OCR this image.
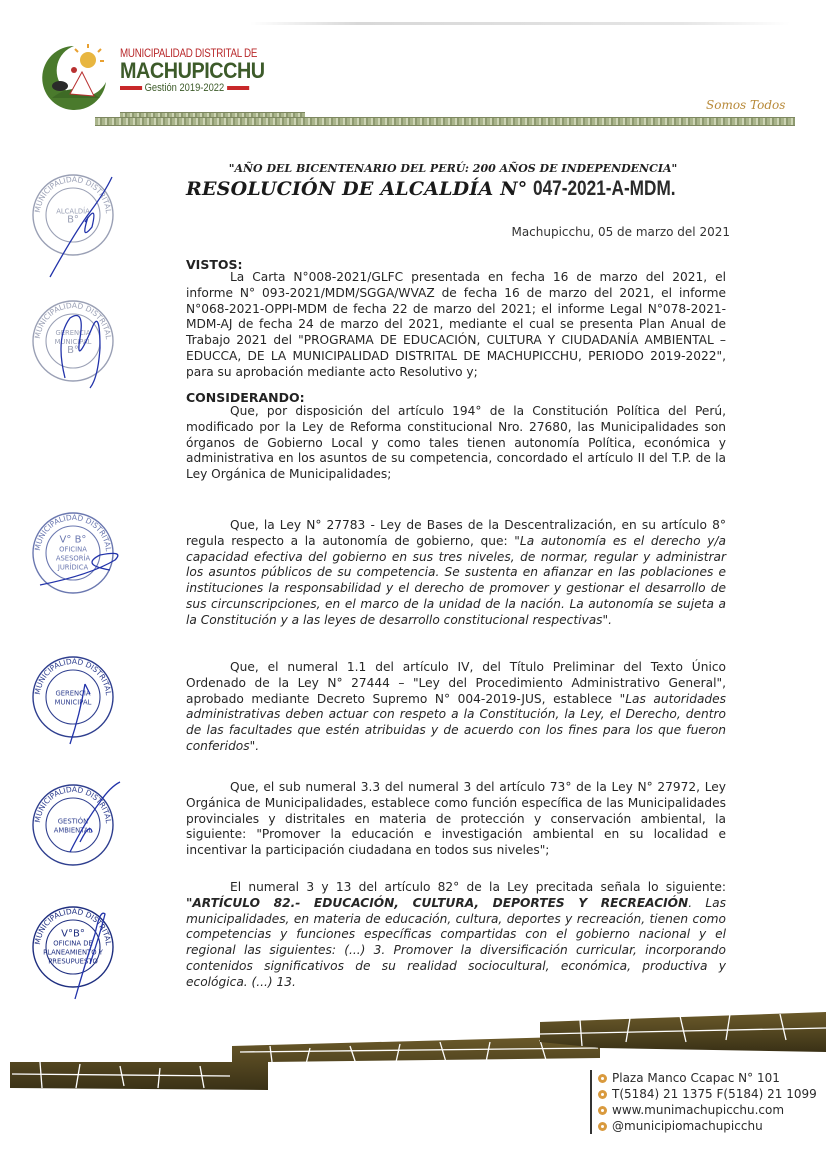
MUNICIPALIDAD DISTRITAL DE
MACHUPICCHU
Gestión 2019-2022
Somos Todos
"AÑO DEL BICENTENARIO DEL PERÚ: 200 AÑOS DE INDEPENDENCIA"
RESOLUCIÓN DE ALCALDÍA N° 047-2021-A-MDM.
Machupicchu, 05 de marzo del 2021
VISTOS:

La Carta N°008-2021/GLFC presentada en fecha 16 de marzo del 2021, el informe N° 093-2021/MDM/SGGA/WVAZ de fecha 16 de marzo del 2021, el informe N°068-2021-OPPI-MDM de fecha 22 de marzo del 2021; el informe Legal N°078-2021-MDM-AJ de fecha 24 de marzo del 2021, mediante el cual se presenta Plan Anual de Trabajo 2021 del "PROGRAMA DE EDUCACIÓN, CULTURA Y CIUDADANÍA AMBIENTAL – EDUCCA, DE LA MUNICIPALIDAD DISTRITAL DE MACHUPICCHU, PERIODO 2019-2022", para su aprobación mediante acto Resolutivo y;

CONSIDERANDO:

Que, por disposición del artículo 194° de la Constitución Política del Perú, modificado por la Ley de Reforma constitucional Nro. 27680, las Municipalidades son órganos de Gobierno Local y como tales tienen autonomía Política, económica y administrativa en los asuntos de su competencia, concordado el artículo II del T.P. de la Ley Orgánica de Municipalidades;

Que, la Ley N° 27783 - Ley de Bases de la Descentralización, en su artículo 8° regula respecto a la autonomía de gobierno, que: "La autonomía es el derecho y/a capacidad efectiva del gobierno en sus tres niveles, de normar, regular y administrar los asuntos públicos de su competencia. Se sustenta en afianzar en las poblaciones e instituciones la responsabilidad y el derecho de promover y gestionar el desarrollo de sus circunscripciones, en el marco de la unidad de la nación. La autonomía se sujeta a la Constitución y a las leyes de desarrollo constitucional respectivas".

Que, el numeral 1.1 del artículo IV, del Título Preliminar del Texto Único Ordenado de la Ley N° 27444 – "Ley del Procedimiento Administrativo General", aprobado mediante Decreto Supremo N° 004-2019-JUS, establece "Las autoridades administrativas deben actuar con respeto a la Constitución, la Ley, el Derecho, dentro de las facultades que estén atribuidas y de acuerdo con los fines para los que fueron conferidos".

Que, el sub numeral 3.3 del numeral 3 del artículo 73° de la Ley N° 27972, Ley Orgánica de Municipalidades, establece como función específica de las Municipalidades provinciales y distritales en materia de protección y conservación ambiental, la siguiente: "Promover la educación e investigación ambiental en su localidad e incentivar la participación ciudadana en todos sus niveles";

El numeral 3 y 13 del artículo 82° de la Ley precitada señala lo siguiente: "ARTÍCULO 82.- EDUCACIÓN, CULTURA, DEPORTES Y RECREACIÓN. Las municipalidades, en materia de educación, cultura, deportes y recreación, tienen como competencias y funciones específicas compartidas con el gobierno nacional y el regional las siguientes: (...) 3. Promover la diversificación curricular, incorporando contenidos significativos de su realidad sociocultural, económica, productiva y ecológica. (...) 13.

MUNICIPALIDAD DISTRITAL DE MACHUPICCHU
ALCALDÍA
B°
MUNICIPALIDAD DISTRITAL DE MACHUPICCHU
GERENCIA
MUNICIPAL
B°
MUNICIPALIDAD DISTRITAL DE MACHUPICCHU
V° B°
OFICINA
ASESORÍA
JURÍDICA
MUNICIPALIDAD DISTRITAL DE MACHUPICCHU
GERENCIA
MUNICIPAL
MUNICIPALIDAD DISTRITAL DE MACHUPICCHU
GESTIÓN
AMBIENTAL
MUNICIPALIDAD DISTRITAL DE MACHUPICCHU
V°B°
OFICINA DE
PLANEAMIENTO Y
PRESUPUESTO
Plaza Manco Ccapac N° 101
T(5184) 21 1375 F(5184) 21 1099
www.munimachupicchu.com
@municipiomachupicchu
